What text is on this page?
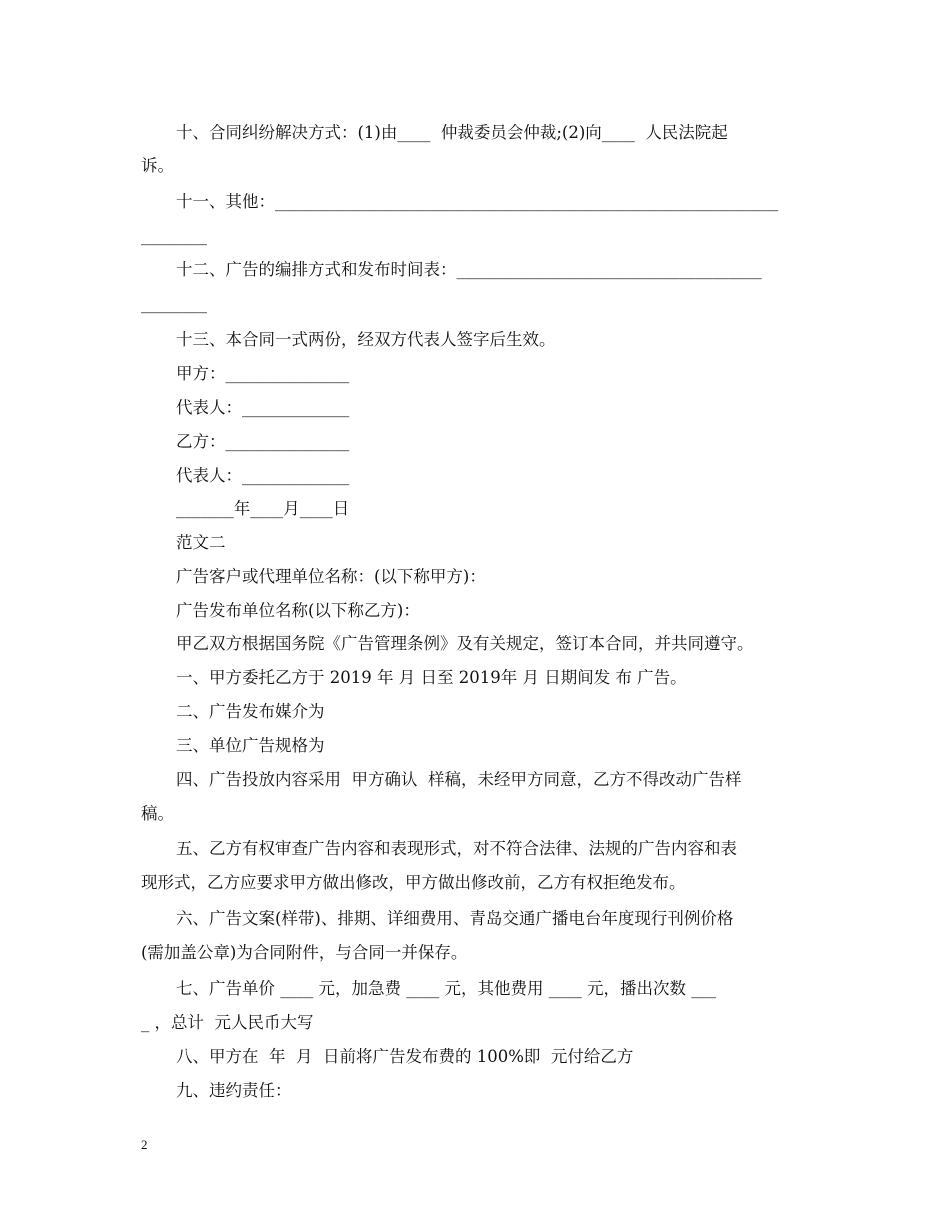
十、合同纠纷解决方式：(1)由____  仲裁委员会仲裁;(2)向____  人民法院起
诉。
十一、其他：_____________________________________________________________
________
十二、广告的编排方式和发布时间表：_____________________________________
________
十三、本合同一式两份，经双方代表人签字后生效。
甲方：_______________
代表人：_____________
乙方：_______________
代表人：_____________
_______年____月____日
范文二
广告客户或代理单位名称：(以下称甲方)：
广告发布单位名称(以下称乙方)：
甲乙双方根据国务院《广告管理条例》及有关规定，签订本合同，并共同遵守。
一、甲方委托乙方于 2019 年 月 日至 2019年 月 日期间发 布 广告。
二、广告发布媒介为
三、单位广告规格为
四、广告投放内容采用  甲方确认  样稿，未经甲方同意，乙方不得改动广告样
稿。
五、乙方有权审查广告内容和表现形式，对不符合法律、法规的广告内容和表
现形式，乙方应要求甲方做出修改，甲方做出修改前，乙方有权拒绝发布。
六、广告文案(样带)、排期、详细费用、青岛交通广播电台年度现行刊例价格
(需加盖公章)为合同附件，与合同一并保存。
七、广告单价 ____ 元，加急费 ____ 元，其他费用 ____ 元，播出次数 ___
_ ，总计  元人民币大写
八、甲方在  年  月  日前将广告发布费的 100%即  元付给乙方
九、违约责任：
2
